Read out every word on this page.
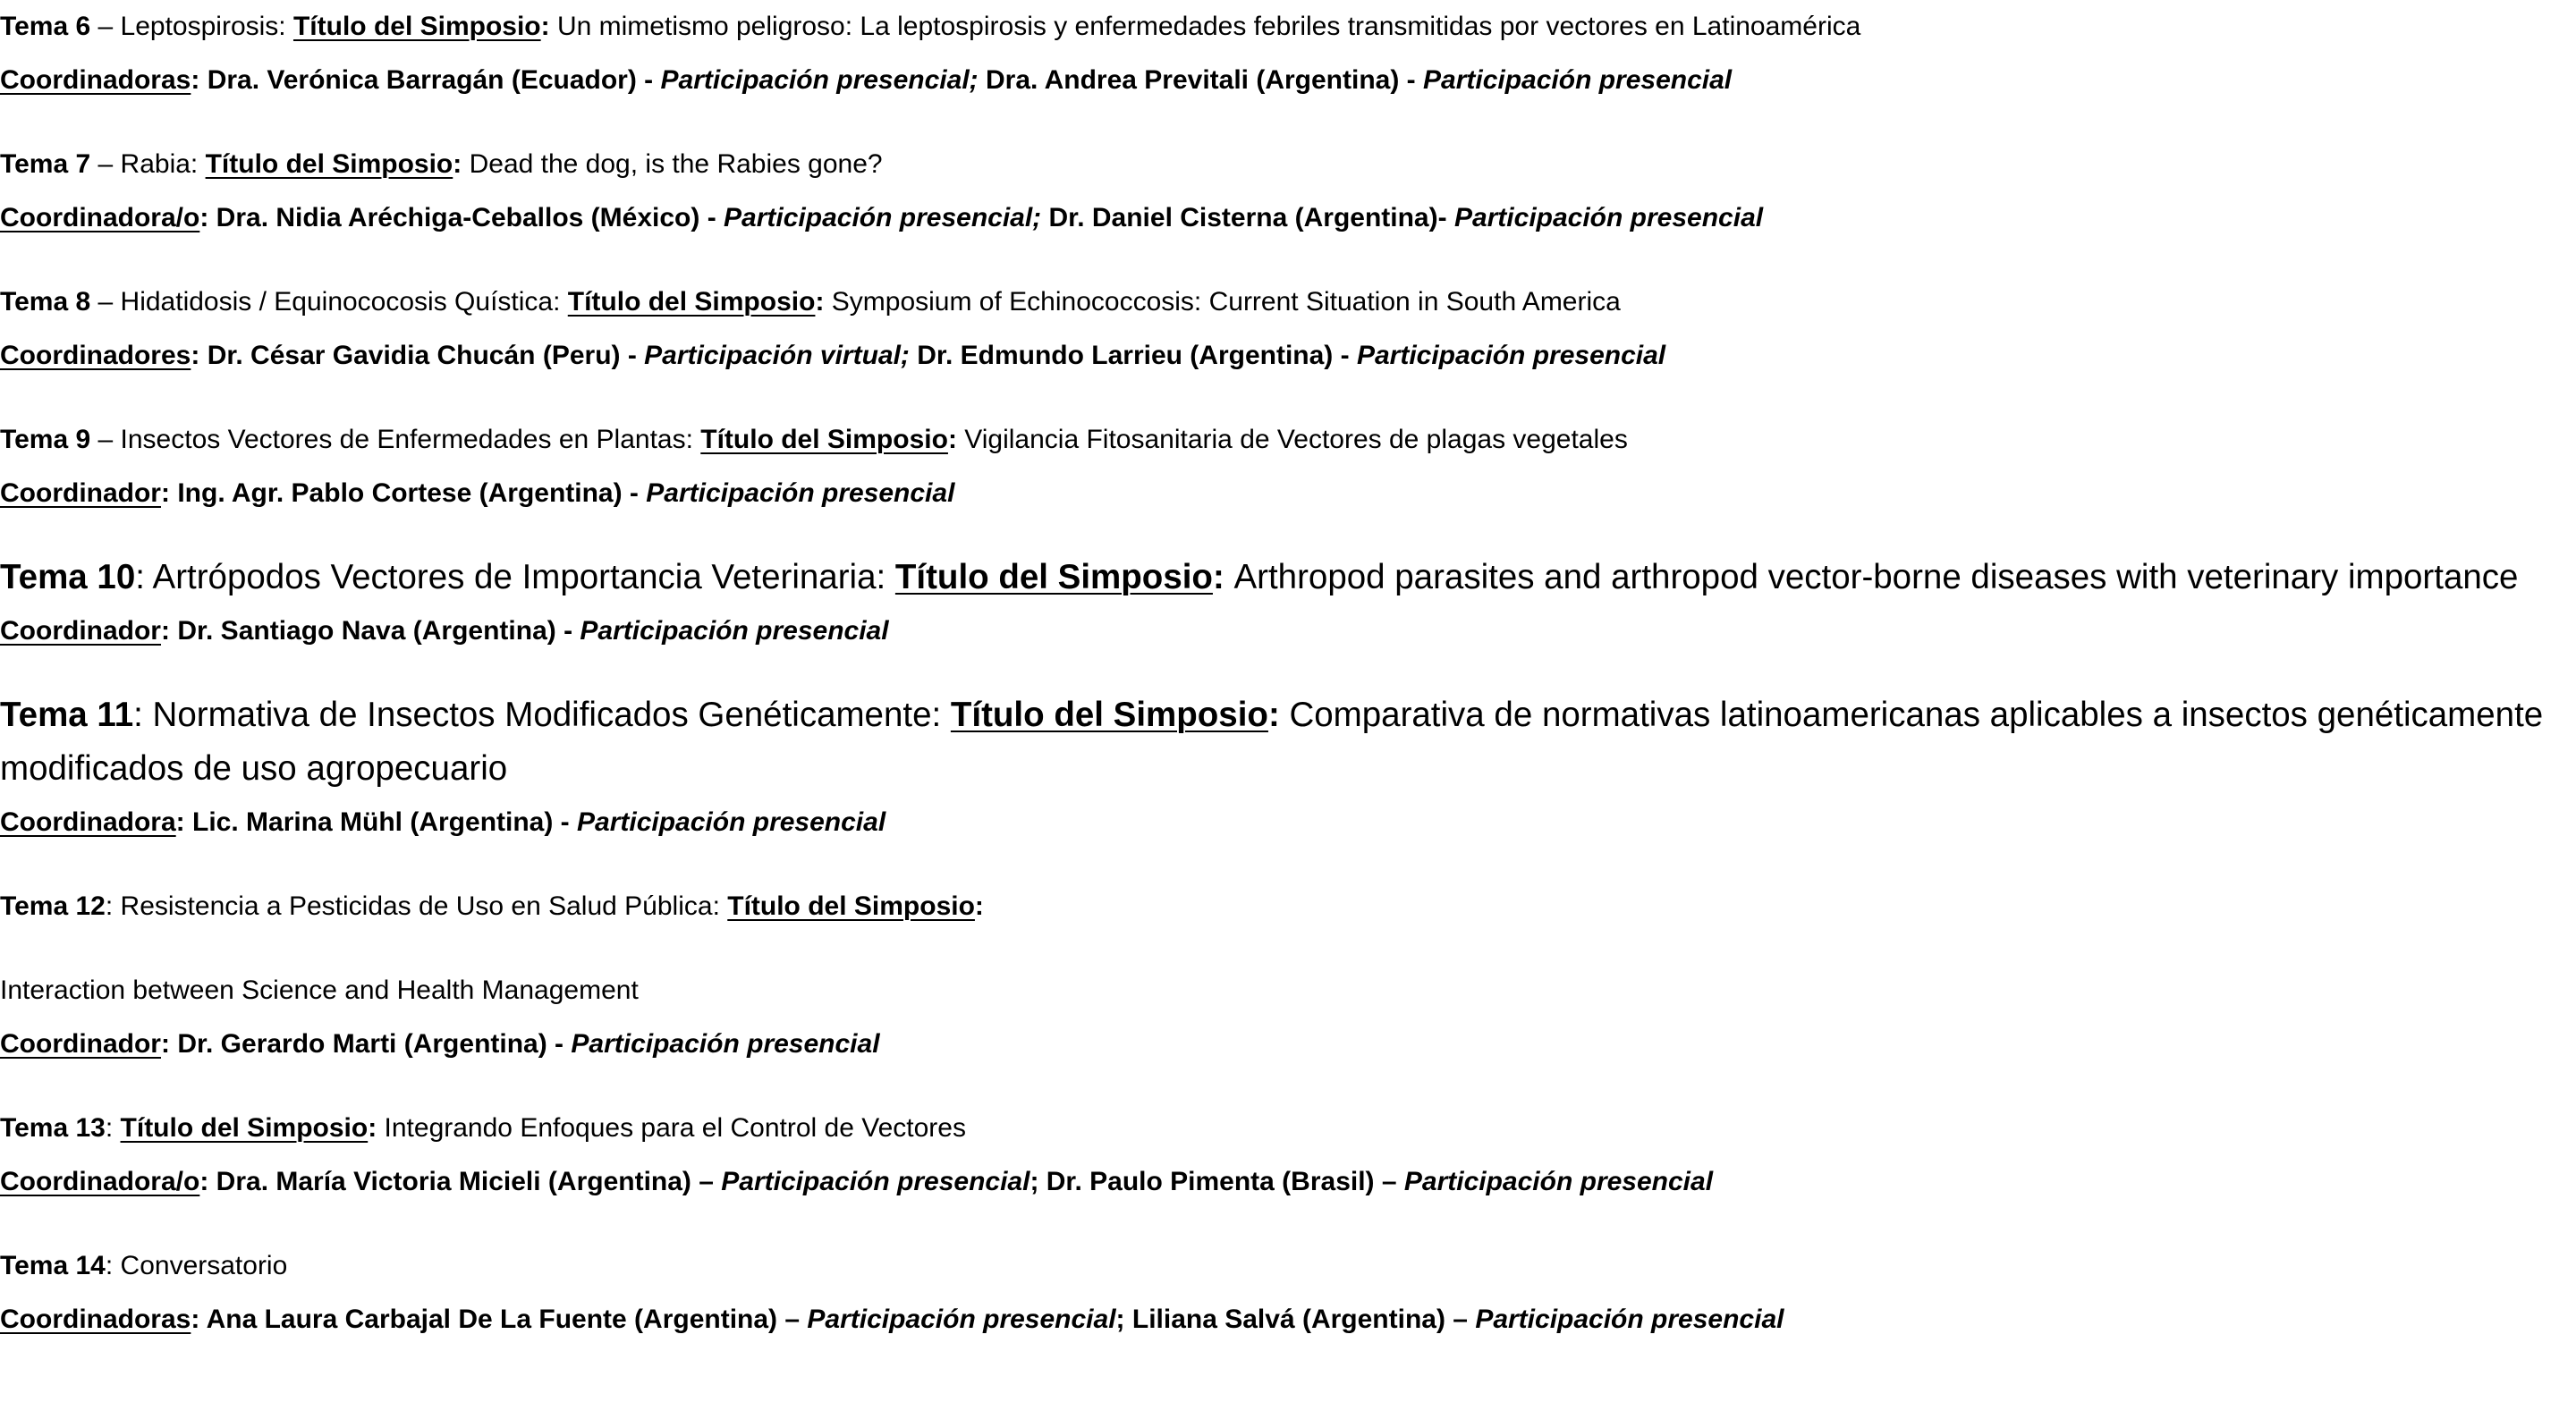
Tema 6 – Leptospirosis: Título del Simposio: Un mimetismo peligroso: La leptospirosis y enfermedades febriles transmitidas por vectores en Latinoamérica
Coordinadoras: Dra. Verónica Barragán (Ecuador) - Participación presencial; Dra. Andrea Previtali (Argentina) - Participación presencial
Tema 7 – Rabia: Título del Simposio: Dead the dog, is the Rabies gone?
Coordinadora/o: Dra. Nidia Aréchiga-Ceballos (México) - Participación presencial; Dr. Daniel Cisterna (Argentina)- Participación presencial
Tema 8 – Hidatidosis / Equinococosis Quística: Título del Simposio: Symposium of Echinococcosis: Current Situation in South America
Coordinadores: Dr. César Gavidia Chucán (Peru) - Participación virtual; Dr. Edmundo Larrieu (Argentina) - Participación presencial
Tema 9 – Insectos Vectores de Enfermedades en Plantas: Título del Simposio: Vigilancia Fitosanitaria de Vectores de plagas vegetales
Coordinador: Ing. Agr. Pablo Cortese (Argentina) - Participación presencial
Tema 10: Artrópodos Vectores de Importancia Veterinaria: Título del Simposio: Arthropod parasites and arthropod vector-borne diseases with veterinary importance
Coordinador: Dr. Santiago Nava (Argentina) - Participación presencial
Tema 11: Normativa de Insectos Modificados Genéticamente: Título del Simposio: Comparativa de normativas latinoamericanas aplicables a insectos genéticamente modificados de uso agropecuario
Coordinadora: Lic. Marina Mühl (Argentina) - Participación presencial
Tema 12: Resistencia a Pesticidas de Uso en Salud Pública: Título del Simposio:
Interaction between Science and Health Management
Coordinador: Dr. Gerardo Marti (Argentina) - Participación presencial
Tema 13: Título del Simposio: Integrando Enfoques para el Control de Vectores
Coordinadora/o: Dra. María Victoria Micieli (Argentina) – Participación presencial; Dr. Paulo Pimenta (Brasil) – Participación presencial
Tema 14: Conversatorio
Coordinadoras: Ana Laura Carbajal De La Fuente (Argentina) – Participación presencial; Liliana Salvá (Argentina) – Participación presencial
